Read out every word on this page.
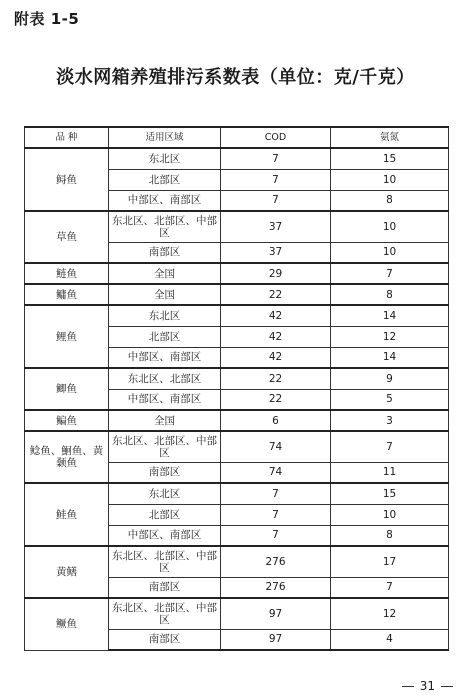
附表 1-5
淡水网箱养殖排污系数表（单位：克/千克）
品 种	适用区域	COD	氨氮
鲟鱼	东北区	7	15
	北部区	7	10
	中部区、南部区	7	8
草鱼	东北区、北部区、中部区	37	10
	南部区	37	10
鲢鱼	全国	29	7
鳙鱼	全国	22	8
鲤鱼	东北区	42	14
	北部区	42	12
	中部区、南部区	42	14
鲫鱼	东北区、北部区	22	9
	中部区、南部区	22	5
鳊鱼	全国	6	3
鲶鱼、鮰鱼、黄颡鱼	东北区、北部区、中部区	74	7
	南部区	74	11
鲑鱼	东北区	7	15
	北部区	7	10
	中部区、南部区	7	8
黄鳝	东北区、北部区、中部区	276	17
	南部区	276	7
鳜鱼	东北区、北部区、中部区	97	12
	南部区	97	4
31
